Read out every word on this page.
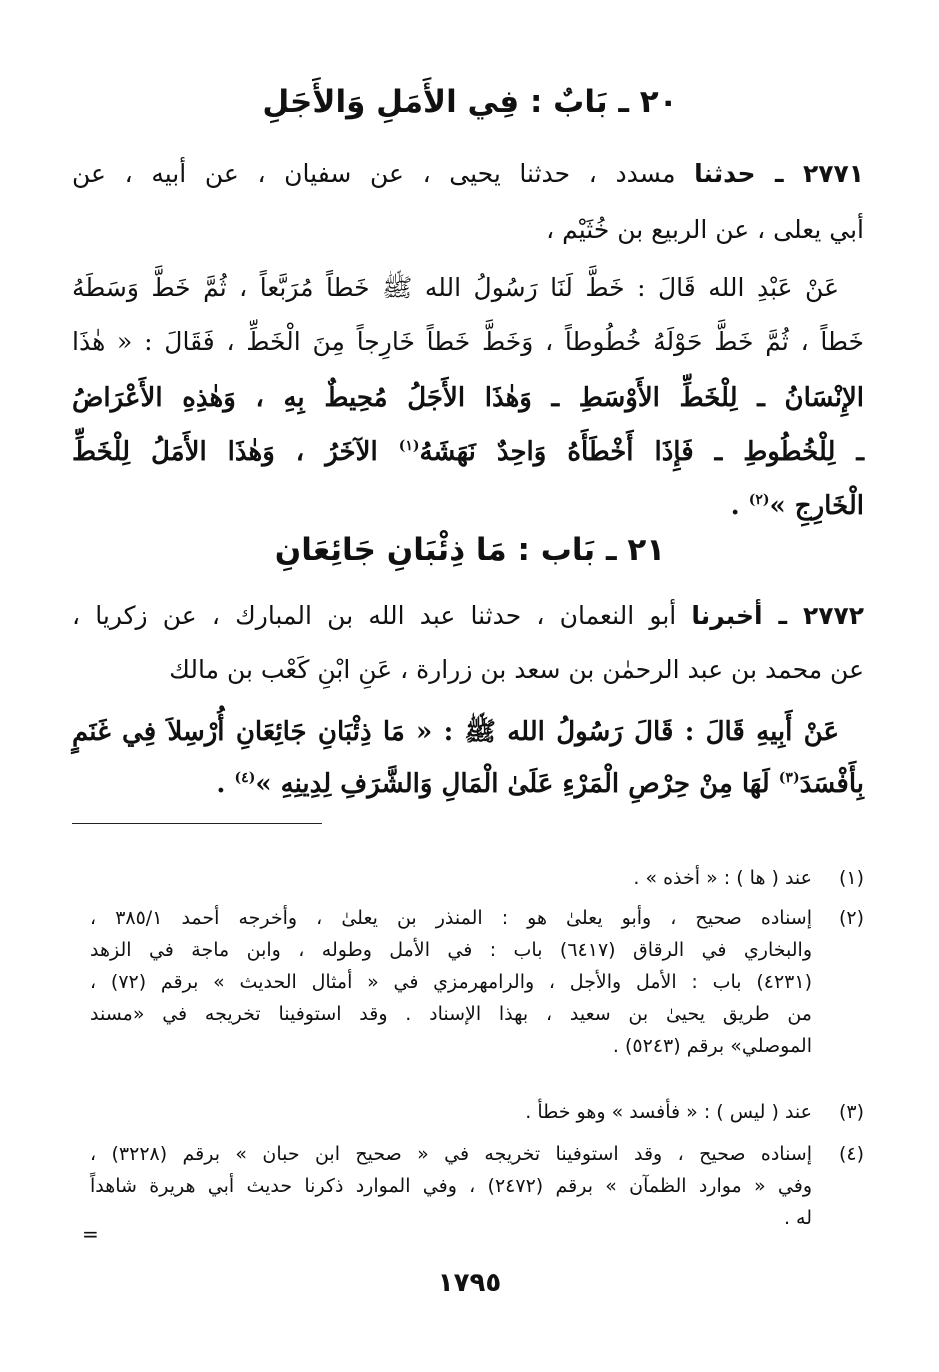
٢٠ ـ بَابٌ : فِي الأَمَلِ وَالأَجَلِ
٢٧٧١ ـ حدثنا مسدد ، حدثنا يحيى ، عن سفيان ، عن أبيه ، عن
أبي يعلى ، عن الربيع بن خُثَيْم ،
عَنْ عَبْدِ الله قَالَ : خَطَّ لَنَا رَسُولُ الله ﷺ خَطاً مُرَبَّعاً ، ثُمَّ خَطَّ وَسَطَهُ
خَطاً ، ثُمَّ خَطَّ حَوْلَهُ خُطُوطاً ، وَخَطَّ خَطاً خَارِجاً مِنَ الْخَطِّ ، فَقَالَ : « هٰذَا
الإِنْسَانُ ـ لِلْخَطِّ الأَوْسَطِ ـ وَهٰذَا الأَجَلُ مُحِيطٌ بِهِ ، وَهٰذِهِ الأَعْرَاضُ
ـ لِلْخُطُوطِ ـ فَإِذَا أَخْطَأَهُ وَاحِدٌ نَهَشَهُ$^{(١)}$ الآخَرُ ، وَهٰذَا الأَمَلُ لِلْخَطِّ
الْخَارِجِ »$^{(٢)}$ .
٢١ ـ بَاب : مَا ذِئْبَانِ جَائِعَانِ
٢٧٧٢ ـ أخبرنا أبو النعمان ، حدثنا عبد الله بن المبارك ، عن زكريا ،
عن محمد بن عبد الرحمٰن بن سعد بن زرارة ، عَنِ ابْنِ كَعْب بن مالك
عَنْ أَبِيهِ قَالَ : قَالَ رَسُولُ الله ﷺ : « مَا ذِئْبَانِ جَائِعَانِ أُرْسِلاَ فِي غَنَمٍ
بِأَفْسَدَ$^{(٣)}$ لَهَا مِنْ حِرْصِ الْمَرْءِ عَلَىٰ الْمَالِ وَالشَّرَفِ لِدِينِهِ »$^{(٤)}$ .
(١)
عند ( ها ) : « أخذه » .
(٢)
إسناده صحيح ، وأبو يعلىٰ هو : المنذر بن يعلىٰ ، وأخرجه أحمد ٣٨٥/١ ،
والبخاري في الرقاق (٦٤١٧) باب : في الأمل وطوله ، وابن ماجة في الزهد
(٤٢٣١) باب : الأمل والأجل ، والرامهرمزي في « أمثال الحديث » برقم (٧٢) ،
من طريق يحيىٰ بن سعيد ، بهذا الإسناد . وقد استوفينا تخريجه في «مسند
الموصلي» برقم (٥٢٤٣) .
(٣)
عند ( ليس ) : « فأفسد » وهو خطأ .
(٤)
إسناده صحيح ، وقد استوفينا تخريجه في « صحيح ابن حبان » برقم (٣٢٢٨) ،
وفي « موارد الظمآن » برقم (٢٤٧٢) ، وفي الموارد ذكرنا حديث أبي هريرة شاهداً
له .
=
١٧٩٥
